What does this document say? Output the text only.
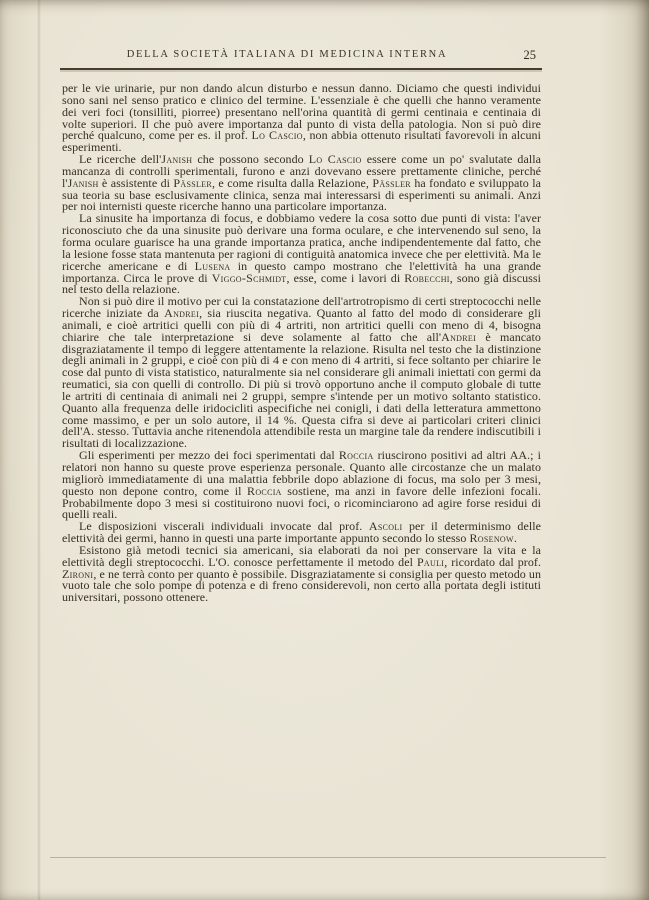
DELLA SOCIETÀ ITALIANA DI MEDICINA INTERNA	25

per le vie urinarie, pur non dando alcun disturbo e nessun danno. Diciamo che questi individui sono sani nel senso pratico e clinico del termine. L'essenziale è che quelli che hanno veramente dei veri foci (tonsilliti, piorree) presentano nell'orina quantità di germi centinaia e centinaia di volte superiori. Il che può avere importanza dal punto di vista della patologia. Non si può dire perché qualcuno, come per es. il prof. Lo Cascio, non abbia ottenuto risultati favorevoli in alcuni esperimenti.

Le ricerche dell'Janish che possono secondo Lo Cascio essere come un po' svalutate dalla mancanza di controlli sperimentali, furono e anzi dovevano essere prettamente cliniche, perché l'Janish è assistente di Pässler, e come risulta dalla Relazione, Pässler ha fondato e sviluppato la sua teoria su base esclusivamente clinica, senza mai interessarsi di esperimenti su animali. Anzi per noi internisti queste ricerche hanno una particolare importanza.

La sinusite ha importanza di focus, e dobbiamo vedere la cosa sotto due punti di vista: l'aver riconosciuto che da una sinusite può derivare una forma oculare, e che intervenendo sul seno, la forma oculare guarisce ha una grande importanza pratica, anche indipendentemente dal fatto, che la lesione fosse stata mantenuta per ragioni di contiguità anatomica invece che per elettività. Ma le ricerche americane e di Lusena in questo campo mostrano che l'elettività ha una grande importanza. Circa le prove di Viggo-Schmidt, esse, come i lavori di Robecchi, sono già discussi nel testo della relazione.

Non si può dire il motivo per cui la constatazione dell'artrotropismo di certi streptococchi nelle ricerche iniziate da Andrei, sia riuscita negativa. Quanto al fatto del modo di considerare gli animali, e cioè artritici quelli con più di 4 artriti, non artritici quelli con meno di 4, bisogna chiarire che tale interpretazione si deve solamente al fatto che all'Andrei è mancato disgraziatamente il tempo di leggere attentamente la relazione. Risulta nel testo che la distinzione degli animali in 2 gruppi, e cioè con più di 4 e con meno di 4 artriti, si fece soltanto per chiarire le cose dal punto di vista statistico, naturalmente sia nel considerare gli animali iniettati con germi da reumatici, sia con quelli di controllo. Di più si trovò opportuno anche il computo globale di tutte le artriti di centinaia di animali nei 2 gruppi, sempre s'intende per un motivo soltanto statistico. Quanto alla frequenza delle iridocicliti aspecifiche nei conigli, i dati della letteratura ammettono come massimo, e per un solo autore, il 14 %. Questa cifra si deve ai particolari criteri clinici dell'A. stesso. Tuttavia anche ritenendola attendibile resta un margine tale da rendere indiscutibili i risultati di localizzazione.

Gli esperimenti per mezzo dei foci sperimentati dal Roccia riuscirono positivi ad altri AA.; i relatori non hanno su queste prove esperienza personale. Quanto alle circostanze che un malato migliorò immediatamente di una malattia febbrile dopo ablazione di focus, ma solo per 3 mesi, questo non depone contro, come il Roccia sostiene, ma anzi in favore delle infezioni focali. Probabilmente dopo 3 mesi si costituirono nuovi foci, o ricominciarono ad agire forse residui di quelli reali.

Le disposizioni viscerali individuali invocate dal prof. Ascoli per il determinismo delle elettività dei germi, hanno in questi una parte importante appunto secondo lo stesso Rosenow.

Esistono già metodi tecnici sia americani, sia elaborati da noi per conservare la vita e la elettività degli streptococchi. L'O. conosce perfettamente il metodo del Pauli, ricordato dal prof. Zironi, e ne terrà conto per quanto è possibile. Disgraziatamente si consiglia per questo metodo un vuoto tale che solo pompe di potenza e di freno considerevoli, non certo alla portata degli istituti universitari, possono ottenere.
